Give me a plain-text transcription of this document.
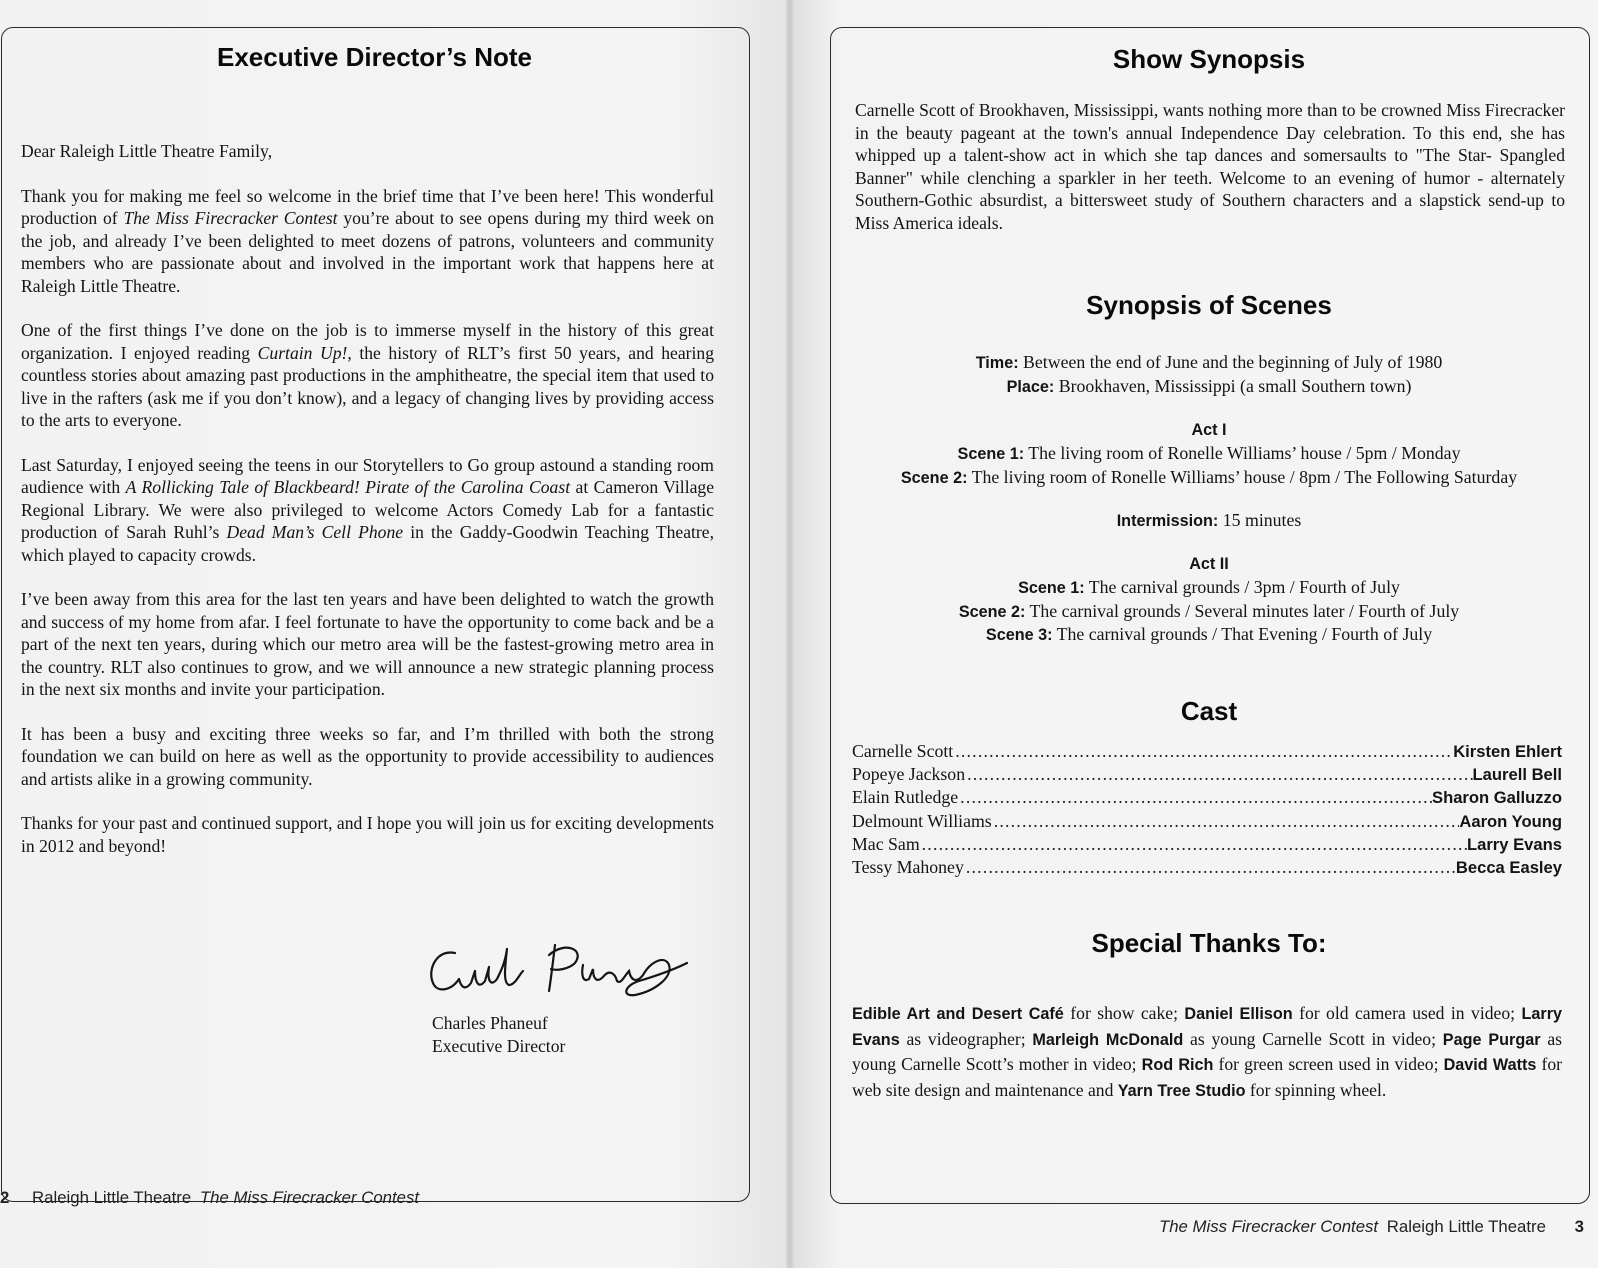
Executive Director’s Note

Dear Raleigh Little Theatre Family,

Thank you for making me feel so welcome in the brief time that I’ve been here! This wonderful production of The Miss Firecracker Contest you’re about to see opens during my third week on the job, and already I’ve been delighted to meet dozens of patrons, volunteers and community members who are passionate about and involved in the important work that happens here at Raleigh Little Theatre.

One of the first things I’ve done on the job is to immerse myself in the history of this great organization. I enjoyed reading Curtain Up!, the history of RLT’s first 50 years, and hearing countless stories about amazing past productions in the amphitheatre, the special item that used to live in the rafters (ask me if you don’t know), and a legacy of changing lives by providing access to the arts to everyone.

Last Saturday, I enjoyed seeing the teens in our Storytellers to Go group astound a standing room audience with A Rollicking Tale of Blackbeard! Pirate of the Carolina Coast at Cameron Village Regional Library. We were also privileged to welcome Actors Comedy Lab for a fantastic production of Sarah Ruhl’s Dead Man’s Cell Phone in the Gaddy-Goodwin Teaching Theatre, which played to capacity crowds.

I’ve been away from this area for the last ten years and have been delighted to watch the growth and success of my home from afar. I feel fortunate to have the opportunity to come back and be a part of the next ten years, during which our metro area will be the fastest-growing metro area in the country. RLT also continues to grow, and we will announce a new strategic planning process in the next six months and invite your participation.

It has been a busy and exciting three weeks so far, and I’m thrilled with both the strong foundation we can build on here as well as the opportunity to provide accessibility to audiences and artists alike in a growing community.

Thanks for your past and continued support, and I hope you will join us for exciting developments in 2012 and beyond!

Charles Phaneuf
Executive Director
2 Raleigh Little Theatre The Miss Firecracker Contest
Show Synopsis

Carnelle Scott of Brookhaven, Mississippi, wants nothing more than to be crowned Miss Firecracker in the beauty pageant at the town's annual Independence Day celebration. To this end, she has whipped up a talent-show act in which she tap dances and somersaults to "The Star- Spangled Banner" while clenching a sparkler in her teeth. Welcome to an evening of humor - alternately Southern-Gothic absurdist, a bittersweet study of Southern characters and a slapstick send-up to Miss America ideals.

Synopsis of Scenes
Time: Between the end of June and the beginning of July of 1980
Place: Brookhaven, Mississippi (a small Southern town)
Act I
Scene 1: The living room of Ronelle Williams’ house / 5pm / Monday
Scene 2: The living room of Ronelle Williams’ house / 8pm / The Following Saturday
Intermission: 15 minutes
Act II
Scene 1: The carnival grounds / 3pm / Fourth of July
Scene 2: The carnival grounds / Several minutes later / Fourth of July
Scene 3: The carnival grounds / That Evening / Fourth of July
Cast
Carnelle Scott .....	Kirsten Ehlert
Popeye Jackson .....	Laurell Bell
Elain Rutledge .....	Sharon Galluzzo
Delmount Williams .....	Aaron Young
Mac Sam .....	Larry Evans
Tessy Mahoney .....	Becca Easley
Special Thanks To:

Edible Art and Desert Café for show cake; Daniel Ellison for old camera used in video; Larry Evans as videographer; Marleigh McDonald as young Carnelle Scott in video; Page Purgar as young Carnelle Scott’s mother in video; Rod Rich for green screen used in video; David Watts for web site design and maintenance and Yarn Tree Studio for spinning wheel.

The Miss Firecracker Contest Raleigh Little Theatre 3
